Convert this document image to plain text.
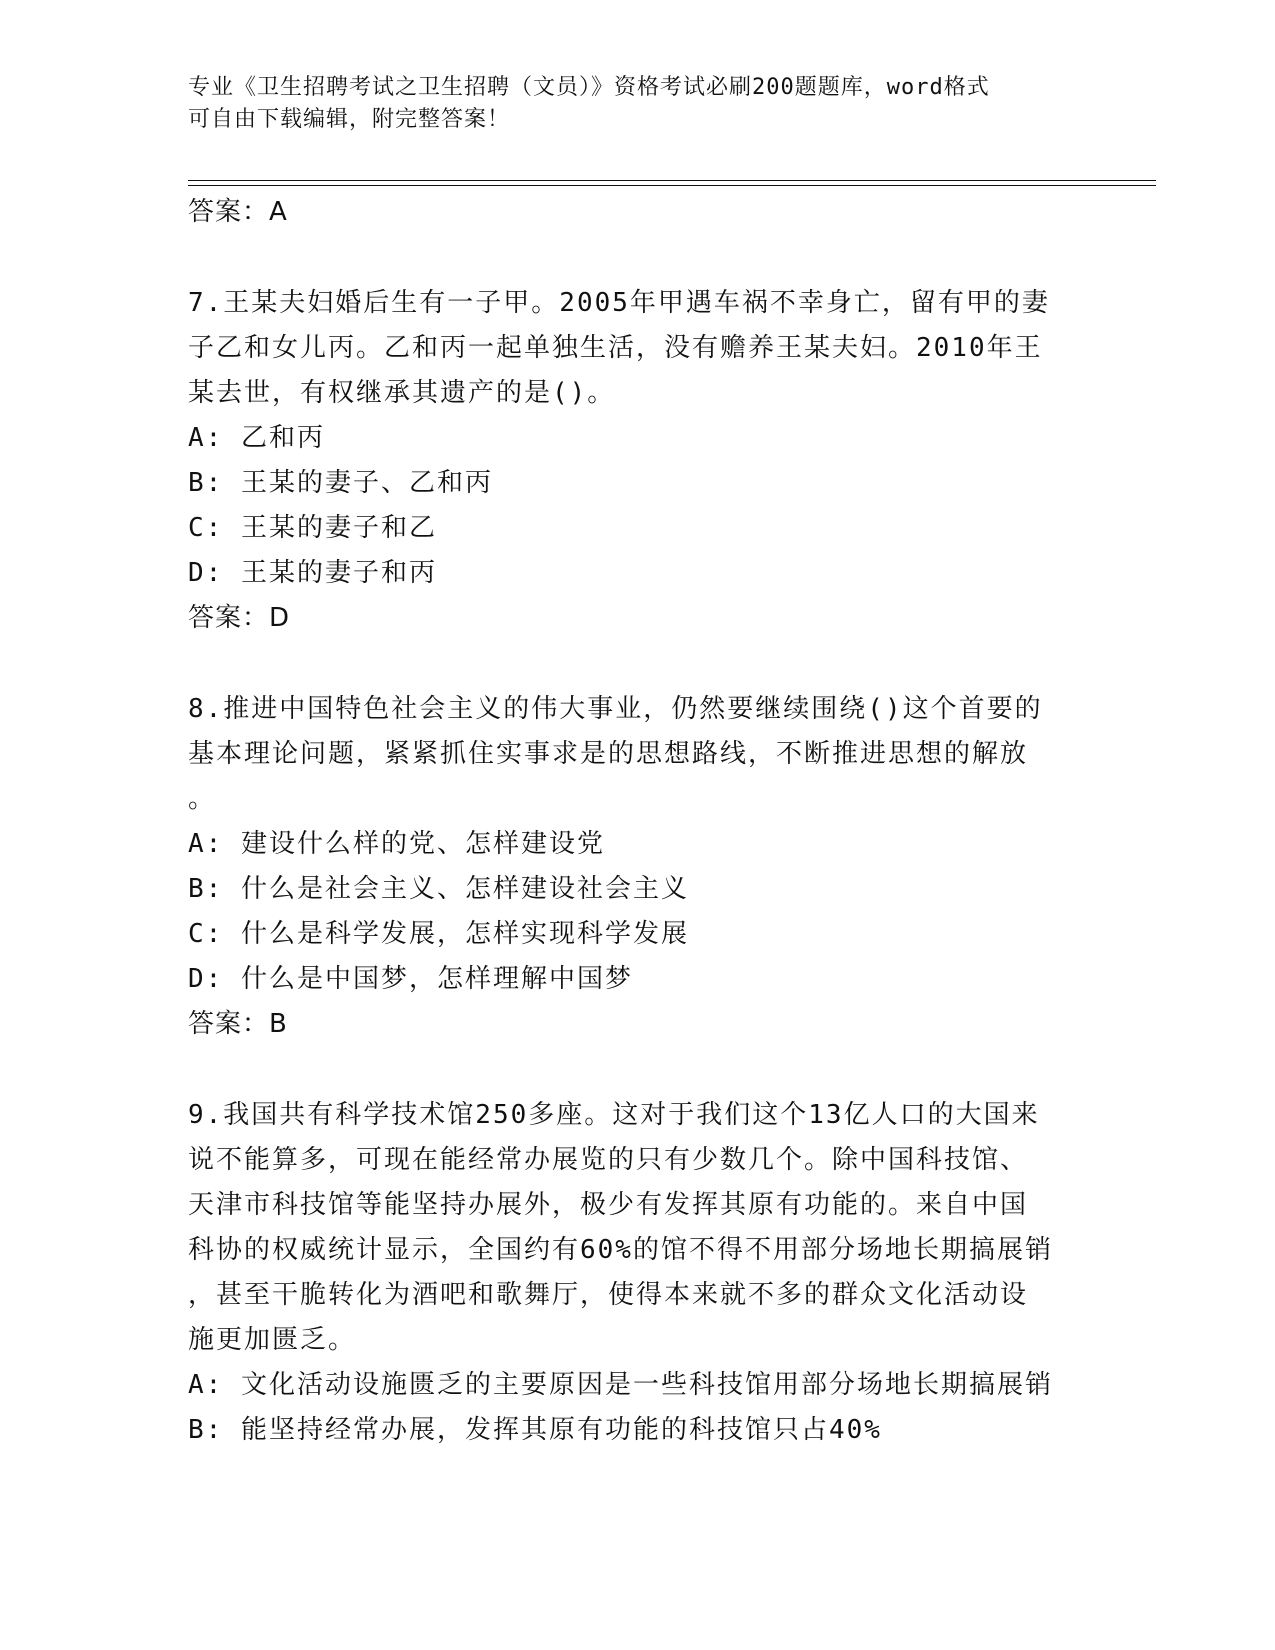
专业《卫生招聘考试之卫生招聘（文员）》资格考试必刷200题题库，word格式
可自由下载编辑，附完整答案！

答案：A

7.王某夫妇婚后生有一子甲。2005年甲遇车祸不幸身亡，留有甲的妻

子乙和女儿丙。乙和丙一起单独生活，没有赡养王某夫妇。2010年王

某去世，有权继承其遗产的是()。

A: 乙和丙

B: 王某的妻子、乙和丙

C: 王某的妻子和乙

D: 王某的妻子和丙

答案：D

8.推进中国特色社会主义的伟大事业，仍然要继续围绕()这个首要的

基本理论问题，紧紧抓住实事求是的思想路线，不断推进思想的解放

。

A: 建设什么样的党、怎样建设党

B: 什么是社会主义、怎样建设社会主义

C: 什么是科学发展，怎样实现科学发展

D: 什么是中国梦，怎样理解中国梦

答案：B

9.我国共有科学技术馆250多座。这对于我们这个13亿人口的大国来

说不能算多，可现在能经常办展览的只有少数几个。除中国科技馆、

天津市科技馆等能坚持办展外，极少有发挥其原有功能的。来自中国

科协的权威统计显示，全国约有60%的馆不得不用部分场地长期搞展销

，甚至干脆转化为酒吧和歌舞厅，使得本来就不多的群众文化活动设

施更加匮乏。

A: 文化活动设施匮乏的主要原因是一些科技馆用部分场地长期搞展销

B: 能坚持经常办展，发挥其原有功能的科技馆只占40%
